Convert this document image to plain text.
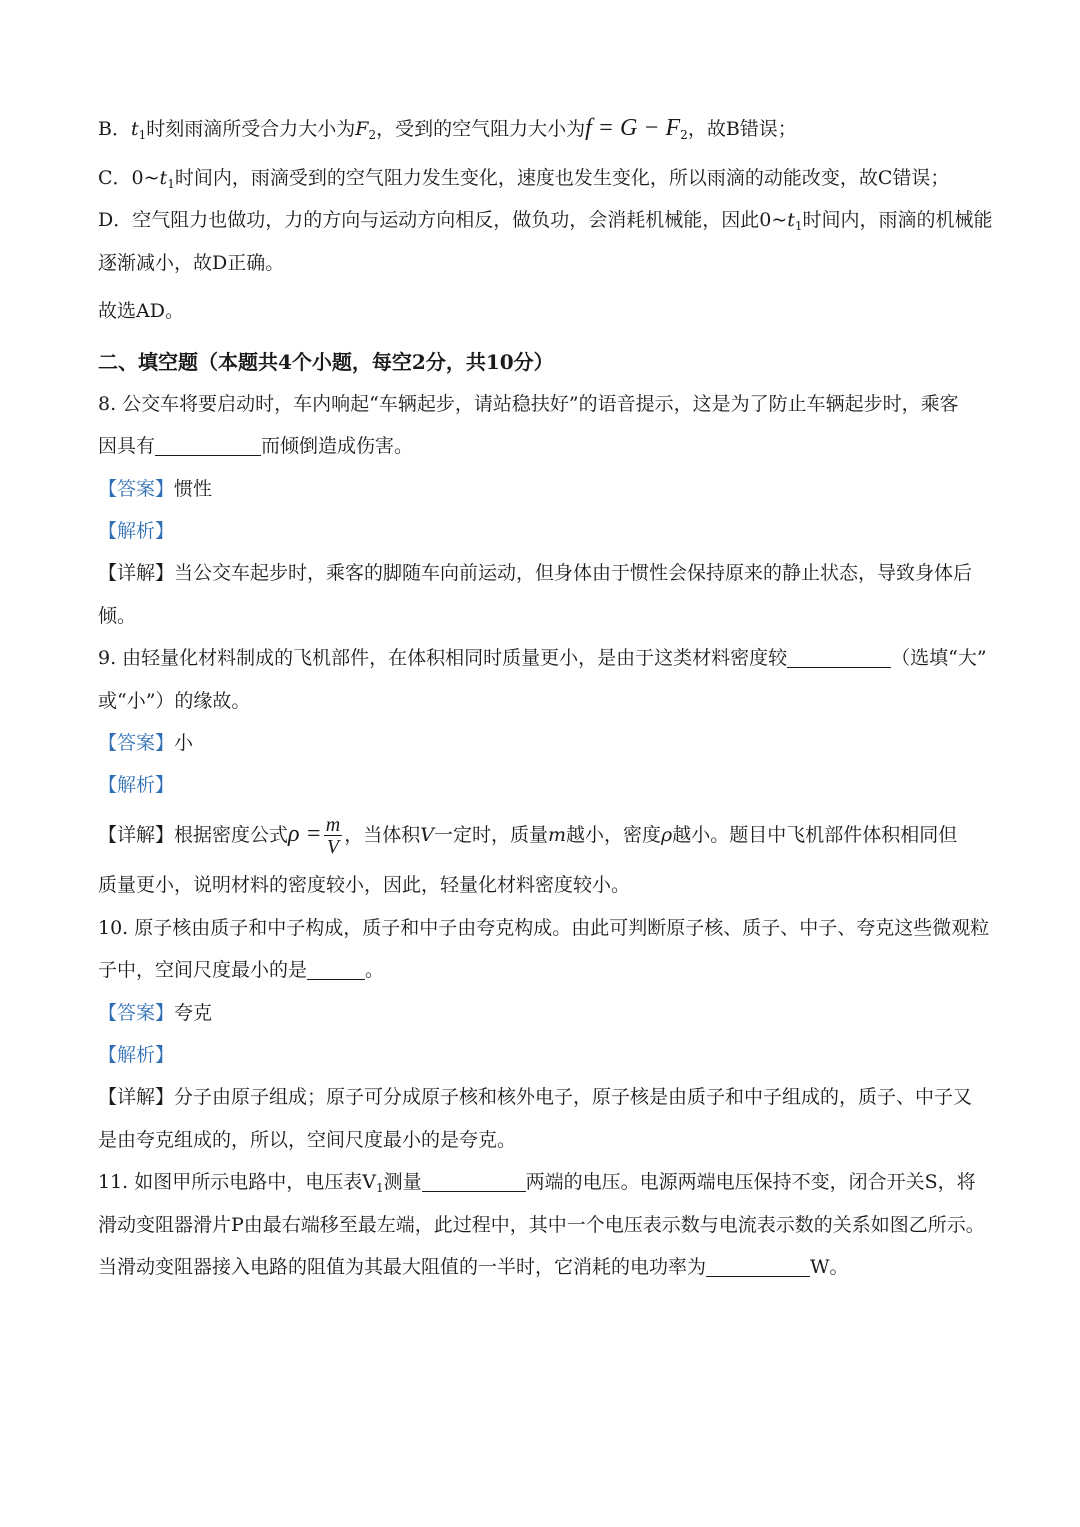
B．$t_1$时刻雨滴所受合力大小为$F_2$，受到的空气阻力大小为$f = G - F_2$，故B错误；
C．$0\sim t_1$时间内，雨滴受到的空气阻力发生变化，速度也发生变化，所以雨滴的动能改变，故C错误；
D．空气阻力也做功，力的方向与运动方向相反，做负功，会消耗机械能，因此$0\sim t_1$时间内，雨滴的机械能
逐渐减小，故D正确。
故选AD。
二、填空题（本题共4个小题，每空2分，共10分）
8. 公交车将要启动时，车内响起“车辆起步，请站稳扶好”的语音提示，这是为了防止车辆起步时，乘客
因具有	而倾倒造成伤害。
【答案】惯性
【解析】
【详解】当公交车起步时，乘客的脚随车向前运动，但身体由于惯性会保持原来的静止状态，导致身体后
倾。
9. 由轻量化材料制成的飞机部件，在体积相同时质量更小，是由于这类材料密度较	（选填“大”
或“小”）的缘故。
【答案】小
【解析】
【详解】根据密度公式$\rho = \frac{m}{V}$ ，当体积V一定时，质量m越小，密度ρ越小。题目中飞机部件体积相同但
质量更小，说明材料的密度较小，因此，轻量化材料密度较小。
10. 原子核由质子和中子构成，质子和中子由夸克构成。由此可判断原子核、质子、中子、夸克这些微观粒
子中，空间尺度最小的是	。
【答案】夸克
【解析】
【详解】分子由原子组成；原子可分成原子核和核外电子，原子核是由质子和中子组成的，质子、中子又
是由夸克组成的，所以，空间尺度最小的是夸克。
11. 如图甲所示电路中，电压表$V_1$测量	两端的电压。电源两端电压保持不变，闭合开关S，将
滑动变阻器滑片P由最右端移至最左端，此过程中，其中一个电压表示数与电流表示数的关系如图乙所示。
当滑动变阻器接入电路的阻值为其最大阻值的一半时，它消耗的电功率为	W。
